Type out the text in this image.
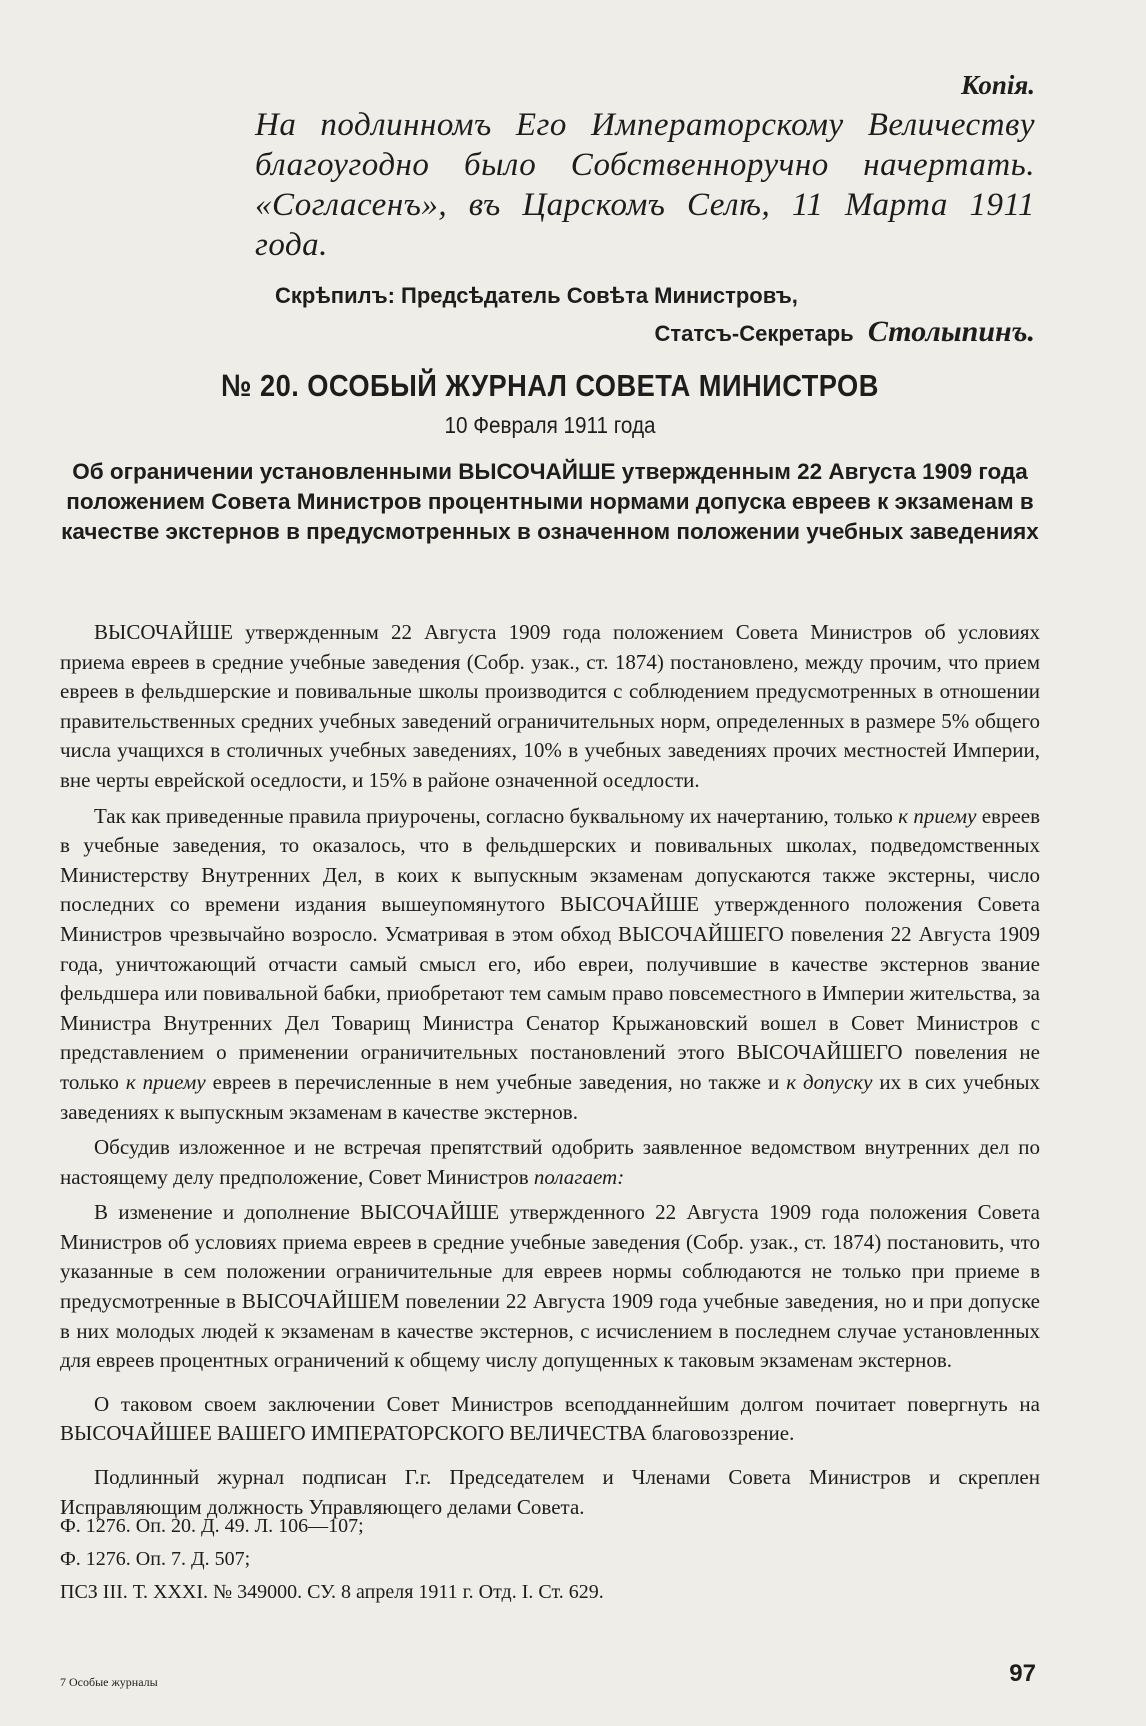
Копія.
На подлинномъ Его Императорскому Величеству благоугодно было Собственноручно начертать. «Согласенъ», въ Царскомъ Селѣ, 11 Марта 1911 года.
Скрѣпилъ: Предсѣдатель Совѣта Министровъ,
Статсъ-Секретарь Столыпинъ.
№ 20. ОСОБЫЙ ЖУРНАЛ СОВЕТА МИНИСТРОВ
10 Февраля 1911 года
Об ограничении установленными ВЫСОЧАЙШЕ утвержденным 22 Августа 1909 года положением Совета Министров процентными нормами допуска евреев к экзаменам в качестве экстернов в предусмотренных в означенном положении учебных заведениях

ВЫСОЧАЙШЕ утвержденным 22 Августа 1909 года положением Совета Министров об условиях приема евреев в средние учебные заведения (Собр. узак., ст. 1874) постановлено, между прочим, что прием евреев в фельдшерские и повивальные школы производится с соблюдением предусмотренных в отношении правительственных средних учебных заведений ограничительных норм, определенных в размере 5% общего числа учащихся в столичных учебных заведениях, 10% в учебных заведениях прочих местностей Империи, вне черты еврейской оседлости, и 15% в районе означенной оседлости.

Так как приведенные правила приурочены, согласно буквальному их начертанию, только к приему евреев в учебные заведения, то оказалось, что в фельдшерских и повивальных школах, подведомственных Министерству Внутренних Дел, в коих к выпускным экзаменам допускаются также экстерны, число последних со времени издания вышеупомянутого ВЫСОЧАЙШЕ утвержденного положения Совета Министров чрезвычайно возросло. Усматривая в этом обход ВЫСОЧАЙШЕГО повеления 22 Августа 1909 года, уничтожающий отчасти самый смысл его, ибо евреи, получившие в качестве экстернов звание фельдшера или повивальной бабки, приобретают тем самым право повсеместного в Империи жительства, за Министра Внутренних Дел Товарищ Министра Сенатор Крыжановский вошел в Совет Министров с представлением о применении ограничительных постановлений этого ВЫСОЧАЙШЕГО повеления не только к приему евреев в перечисленные в нем учебные заведения, но также и к допуску их в сих учебных заведениях к выпускным экзаменам в качестве экстернов.

Обсудив изложенное и не встречая препятствий одобрить заявленное ведомством внутренних дел по настоящему делу предположение, Совет Министров полагает:

В изменение и дополнение ВЫСОЧАЙШЕ утвержденного 22 Августа 1909 года положения Совета Министров об условиях приема евреев в средние учебные заведения (Собр. узак., ст. 1874) постановить, что указанные в сем положении ограничительные для евреев нормы соблюдаются не только при приеме в предусмотренные в ВЫСОЧАЙШЕМ повелении 22 Августа 1909 года учебные заведения, но и при допуске в них молодых людей к экзаменам в качестве экстернов, с исчислением в последнем случае установленных для евреев процентных ограничений к общему числу допущенных к таковым экзаменам экстернов.

О таковом своем заключении Совет Министров всеподданнейшим долгом почитает повергнуть на ВЫСОЧАЙШЕЕ ВАШЕГО ИМПЕРАТОРСКОГО ВЕЛИЧЕСТВА благовоззрение.

Подлинный журнал подписан Г.г. Председателем и Членами Совета Министров и скреплен Исправляющим должность Управляющего делами Совета.

Ф. 1276. Оп. 20. Д. 49. Л. 106—107;
Ф. 1276. Оп. 7. Д. 507;
ПСЗ III. Т. XXXI. № 349000. СУ. 8 апреля 1911 г. Отд. I. Ст. 629.
7 Особые журналы	97
